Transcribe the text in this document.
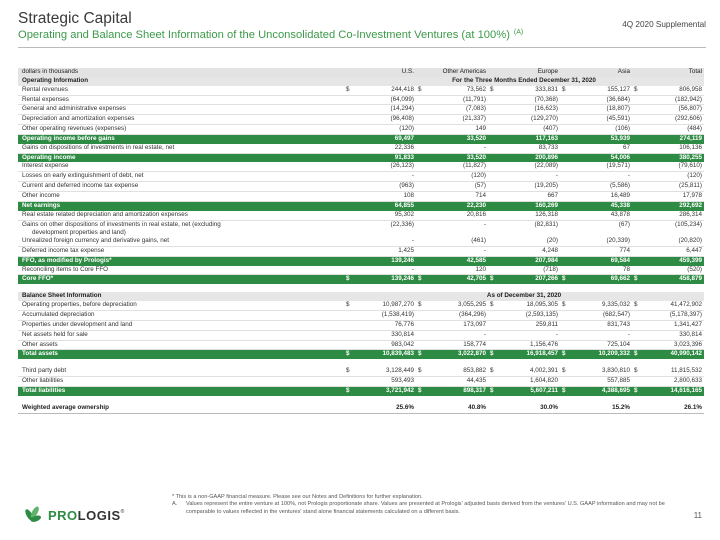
Strategic Capital
Operating and Balance Sheet Information of the Unconsolidated Co-Investment Ventures (at 100%) $^{(A)}$
4Q 2020 Supplemental
dollars in thousands		U.S.		Other Americas		Europe		Asia		Total
Operating Information	For the Three Months Ended December 31, 2020									
Rental revenues	$	244,418	$	73,562	$	333,831	$	155,127	$	806,958
Rental expenses		(64,099)		(11,791)		(70,368)		(36,684)		(182,942)
General and administrative expenses		(14,294)		(7,083)		(16,623)		(18,807)		(56,807)
Depreciation and amortization expenses		(96,408)		(21,337)		(129,270)		(45,591)		(292,606)
Other operating revenues (expenses)		(120)		149		(407)		(106)		(484)
Operating income before gains		69,497		33,520		117,163		53,939		274,119
Gains on dispositions of investments in real estate, net		22,336		-		83,733		67		106,136
Operating income		91,833		33,520		200,896		54,006		380,255
Interest expense		(26,123)		(11,827)		(22,089)		(19,571)		(79,610)
Losses on early extinguishment of debt, net		-		(120)		-		-		(120)
Current and deferred income tax expense		(963)		(57)		(19,205)		(5,586)		(25,811)
Other income		108		714		667		16,489		17,978
Net earnings		64,855		22,230		160,269		45,338		292,692
Real estate related depreciation and amortization expenses		95,302		20,816		126,318		43,878		286,314
Gains on other dispositions of investments in real estate, net (excluding
development properties and land)		(22,336)		-		(82,831)		(67)		(105,234)
Unrealized foreign currency and derivative gains, net		-		(461)		(20)		(20,339)		(20,820)
Deferred income tax expense		1,425		-		4,248		774		6,447
FFO, as modified by Prologis*		139,246		42,585		207,984		69,584		459,399
Reconciling items to Core FFO		-		120		(718)		78		(520)
Core FFO*	$	139,246	$	42,705	$	207,266	$	69,662	$	458,879

Balance Sheet Information	As of December 31, 2020									
Operating properties, before depreciation	$	10,987,270	$	3,055,295	$	18,095,305	$	9,335,032	$	41,472,902
Accumulated depreciation		(1,538,419)		(364,296)		(2,593,135)		(682,547)		(5,178,397)
Properties under development and land		76,776		173,097		259,811		831,743		1,341,427
Net assets held for sale		330,814		-		-		-		330,814
Other assets		983,042		158,774		1,156,476		725,104		3,023,396
Total assets	$	10,839,483	$	3,022,870	$	16,918,457	$	10,209,332	$	40,990,142

Third party debt	$	3,128,449	$	853,882	$	4,002,391	$	3,830,810	$	11,815,532
Other liabilities		593,493		44,435		1,604,820		557,885		2,800,633
Total liabilities	$	3,721,942	$	898,317	$	5,607,211	$	4,388,695	$	14,616,165

Weighted average ownership		25.6%		40.8%		30.0%		15.2%		26.1%
PROLOGIS®
* This is a non-GAAP financial measure. Please see our Notes and Definitions for further explanation.
A.	Values represent the entire venture at 100%, not Prologis proportionate share. Values are presented at Prologis' adjusted basis derived from the ventures' U.S. GAAP information and may not be comparable to values reflected in the ventures' stand alone financial statements calculated on a different basis.	11
